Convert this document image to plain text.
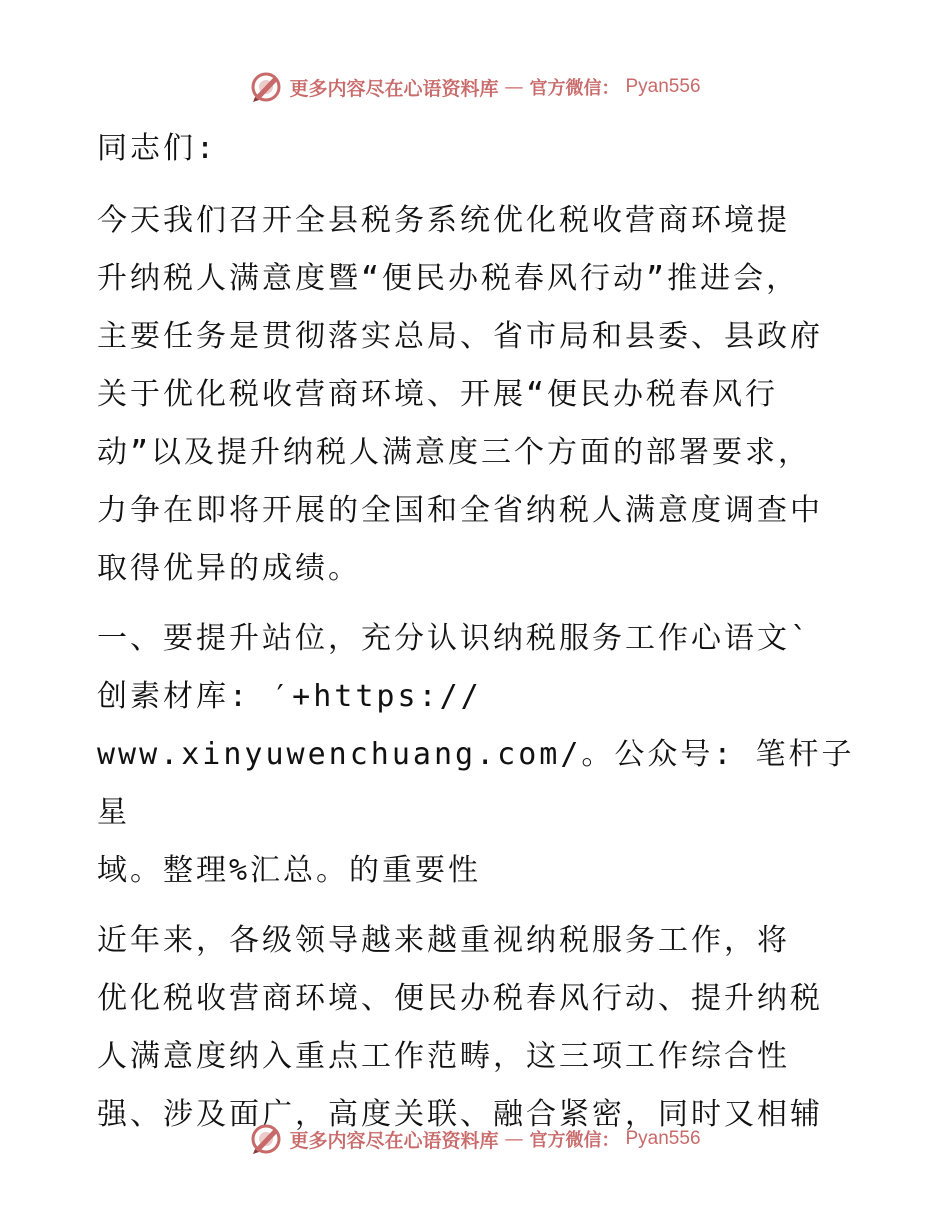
更多内容尽在心语资料库 — 官方微信： Pyan556

同志们:

今天我们召开全县税务系统优化税收营商环境提
升纳税人满意度暨“便民办税春风行动”推进会，
主要任务是贯彻落实总局、省市局和县委、县政府
关于优化税收营商环境、开展“便民办税春风行
动”以及提升纳税人满意度三个方面的部署要求，
力争在即将开展的全国和全省纳税人满意度调查中
取得优异的成绩。

一、要提升站位，充分认识纳税服务工作心语文`
创素材库: ′+https://
www.xinyuwenchuang.com/。公众号: 笔杆子星
域。整理%汇总。的重要性

近年来，各级领导越来越重视纳税服务工作，将
优化税收营商环境、便民办税春风行动、提升纳税
人满意度纳入重点工作范畴，这三项工作综合性
强、涉及面广，高度关联、融合紧密，同时又相辅

更多内容尽在心语资料库 — 官方微信： Pyan556
